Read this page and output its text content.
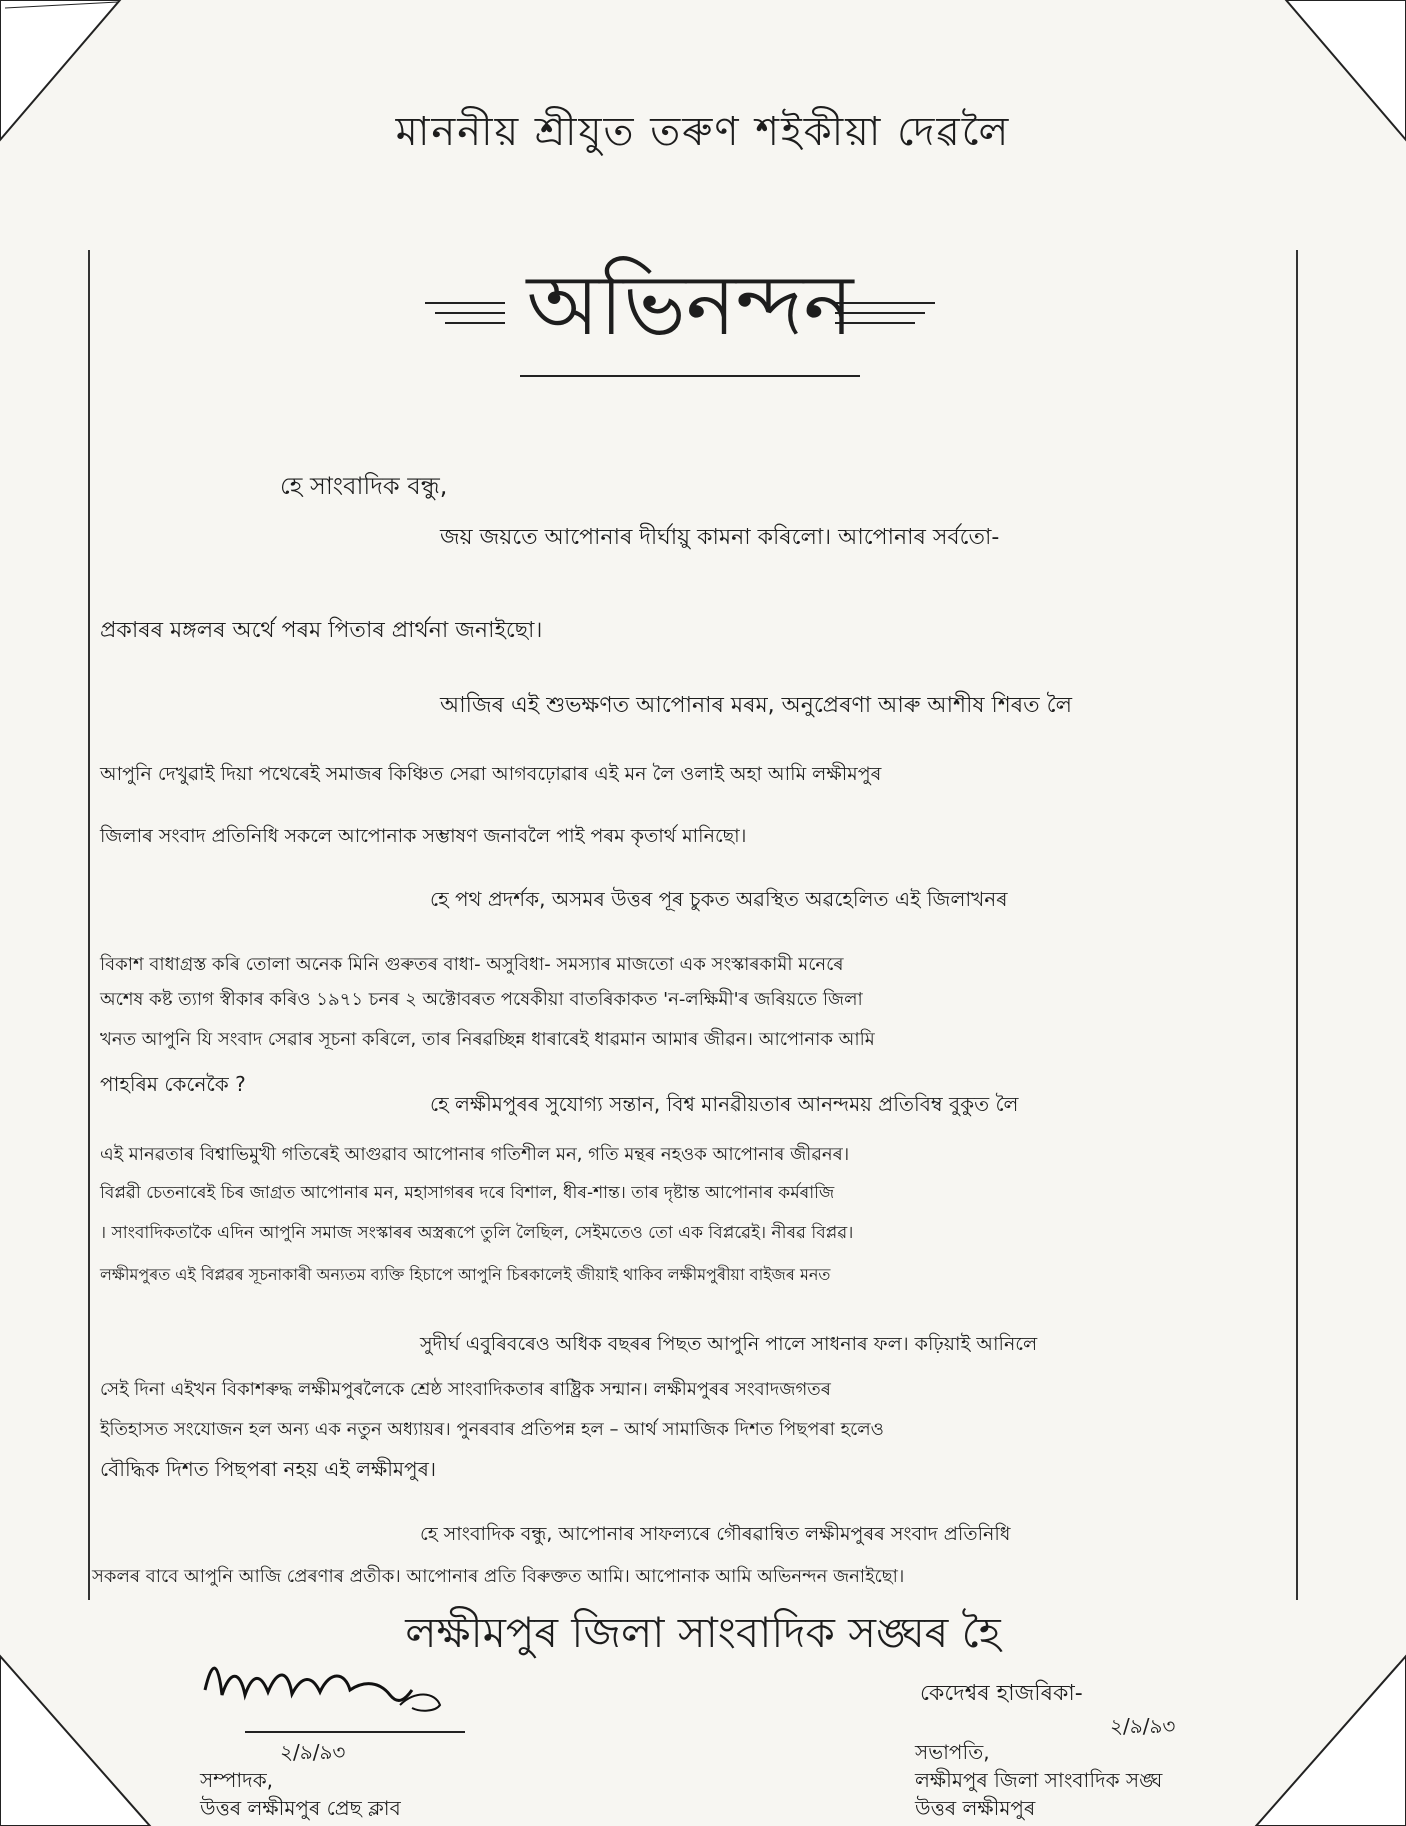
মাননীয় শ্ৰীযুত তৰুণ শইকীয়া দেৱলৈ
অভিনন্দন
হে সাংবাদিক বন্ধু,
জয় জয়তে আপোনাৰ দীৰ্ঘায়ু কামনা কৰিলো। আপোনাৰ সৰ্বতো-
প্ৰকাৰৰ মঙ্গলৰ অৰ্থে পৰম পিতাৰ প্ৰাৰ্থনা জনাইছো।
আজিৰ এই শুভক্ষণত আপোনাৰ মৰম, অনুপ্ৰেৰণা আৰু আশীষ শিৰত লৈ
আপুনি দেখুৱাই দিয়া পথেৰেই সমাজৰ কিঞ্চিত সেৱা আগবঢ়োৱাৰ এই মন লৈ ওলাই অহা আমি লক্ষীমপুৰ
জিলাৰ সংবাদ প্ৰতিনিধি সকলে আপোনাক সম্ভাষণ জনাবলৈ পাই পৰম কৃতাৰ্থ মানিছো।
হে পথ প্ৰদৰ্শক, অসমৰ উত্তৰ পূৰ চুকত অৱস্থিত অৱহেলিত এই জিলাখনৰ
বিকাশ বাধাগ্ৰস্ত কৰি তোলা অনেক মিনি গুৰুতৰ বাধা- অসুবিধা- সমস্যাৰ মাজতো এক সংস্কাৰকামী মনেৰে
অশেষ কষ্ট ত্যাগ স্বীকাৰ কৰিও ১৯৭১ চনৰ ২ অক্টোবৰত পষেকীয়া বাতৰিকাকত 'ন-লক্ষিমী'ৰ জৰিয়তে জিলা
খনত আপুনি যি সংবাদ সেৱাৰ সূচনা কৰিলে, তাৰ নিৰৱচ্ছিন্ন ধাৰাৰেই ধাৱমান আমাৰ জীৱন। আপোনাক আমি
পাহৰিম কেনেকৈ ?
হে লক্ষীমপুৰৰ সুযোগ্য সন্তান, বিশ্ব মানৱীয়তাৰ আনন্দময় প্ৰতিবিম্ব বুকুত লৈ
এই মানৱতাৰ বিশ্বাভিমুখী গতিৰেই আগুৱাব আপোনাৰ গতিশীল মন, গতি মন্থৰ নহওক আপোনাৰ জীৱনৰ।
বিপ্লৱী চেতনাৰেই চিৰ জাগ্ৰত আপোনাৰ মন, মহাসাগৰৰ দৰে বিশাল, ধীৰ-শান্ত। তাৰ দৃষ্টান্ত আপোনাৰ কৰ্মৰাজি
। সাংবাদিকতাকৈ এদিন আপুনি সমাজ সংস্কাৰৰ অস্ত্ৰৰূপে তুলি লৈছিল, সেইমতেও তো এক বিপ্লৱেই। নীৰৱ বিপ্লৱ।
লক্ষীমপুৰত এই বিপ্লৱৰ সূচনাকাৰী অন্যতম ব্যক্তি হিচাপে আপুনি চিৰকালেই জীয়াই থাকিব লক্ষীমপুৰীয়া বাইজৰ মনত
সুদীৰ্ঘ এবুৰিবৰেও অধিক বছৰৰ পিছত আপুনি পালে সাধনাৰ ফল। কঢ়িয়াই আনিলে
সেই দিনা এইখন বিকাশৰুদ্ধ লক্ষীমপুৰলৈকে শ্ৰেষ্ঠ সাংবাদিকতাৰ ৰাষ্ট্ৰিক সন্মান। লক্ষীমপুৰৰ সংবাদজগতৰ
ইতিহাসত সংযোজন হল অন্য এক নতুন অধ্যায়ৰ। পুনৰবাৰ প্ৰতিপন্ন হল – আৰ্থ সামাজিক দিশত পিছপৰা হলেও
বৌদ্ধিক দিশত পিছপৰা নহয় এই লক্ষীমপুৰ।
হে সাংবাদিক বন্ধু, আপোনাৰ সাফল্যৰে গৌৰৱান্বিত লক্ষীমপুৰৰ সংবাদ প্ৰতিনিধি
সকলৰ বাবে আপুনি আজি প্ৰেৰণাৰ প্ৰতীক। আপোনাৰ প্ৰতি বিৰুক্তত আমি। আপোনাক আমি অভিনন্দন জনাইছো।
লক্ষীমপুৰ জিলা সাংবাদিক সঙ্ঘৰ হৈ
২/৯/৯৩
সম্পাদক,
উত্তৰ লক্ষীমপুৰ প্ৰেছ ক্লাব
কেদেশ্বৰ হাজৰিকা-
২/৯/৯৩
সভাপতি,
লক্ষীমপুৰ জিলা সাংবাদিক সঙ্ঘ
উত্তৰ লক্ষীমপুৰ
